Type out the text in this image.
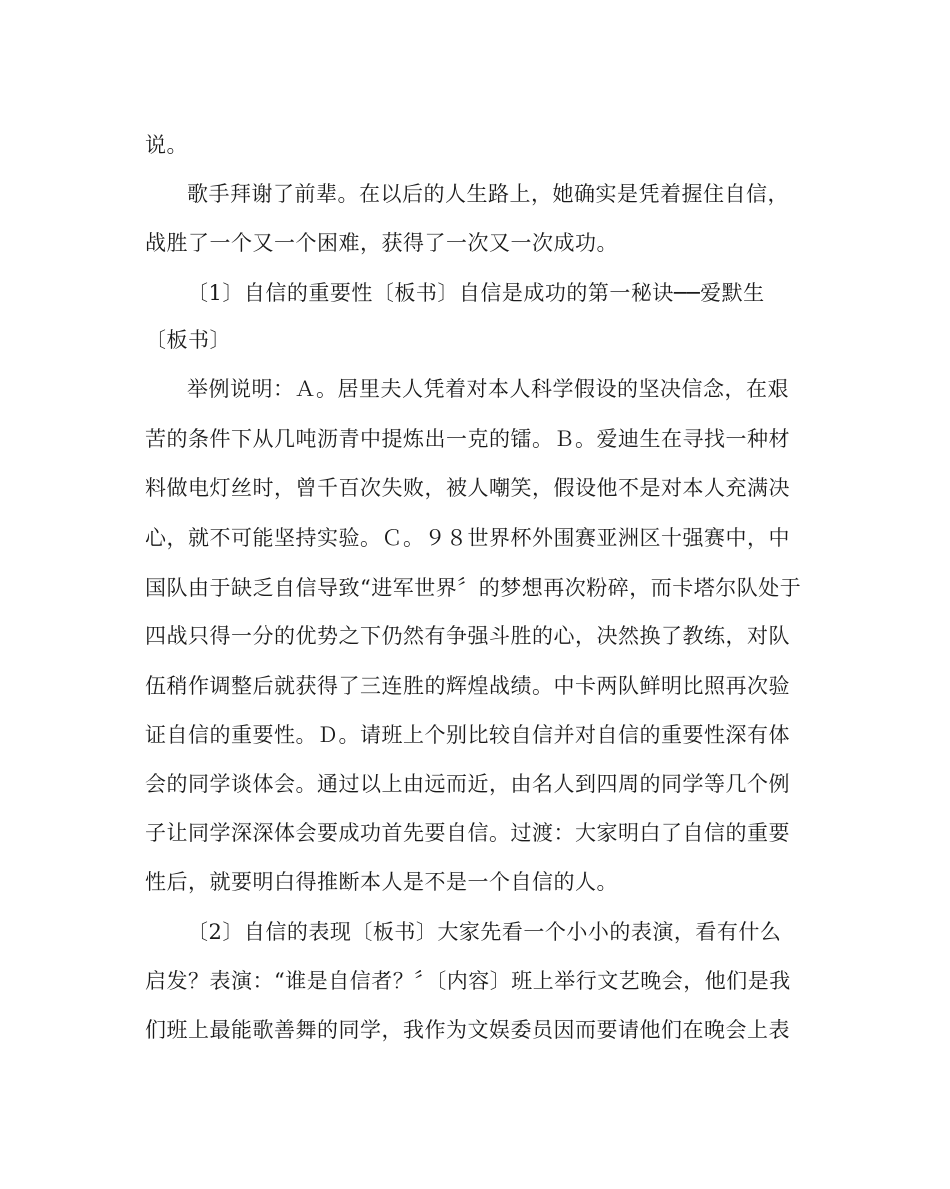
说。
歌手拜谢了前辈。在以后的人生路上，她确实是凭着握住自信，
战胜了一个又一个困难，获得了一次又一次成功。
〔1〕自信的重要性〔板书〕自信是成功的第一秘诀──爱默生
〔板书〕
举例说明：Ａ。居里夫人凭着对本人科学假设的坚决信念，在艰
苦的条件下从几吨沥青中提炼出一克的镭。Ｂ。爱迪生在寻找一种材
料做电灯丝时，曾千百次失败，被人嘲笑，假设他不是对本人充满决
心，就不可能坚持实验。Ｃ。９８世界杯外围赛亚洲区十强赛中，中
国队由于缺乏自信导致“进军世界〞的梦想再次粉碎，而卡塔尔队处于
四战只得一分的优势之下仍然有争强斗胜的心，决然换了教练，对队
伍稍作调整后就获得了三连胜的辉煌战绩。中卡两队鲜明比照再次验
证自信的重要性。Ｄ。请班上个别比较自信并对自信的重要性深有体
会的同学谈体会。通过以上由远而近，由名人到四周的同学等几个例
子让同学深深体会要成功首先要自信。过渡：大家明白了自信的重要
性后，就要明白得推断本人是不是一个自信的人。
〔2〕自信的表现〔板书〕大家先看一个小小的表演，看有什么
启发？表演：“谁是自信者？〞〔内容〕班上举行文艺晚会，他们是我
们班上最能歌善舞的同学，我作为文娱委员因而要请他们在晚会上表
